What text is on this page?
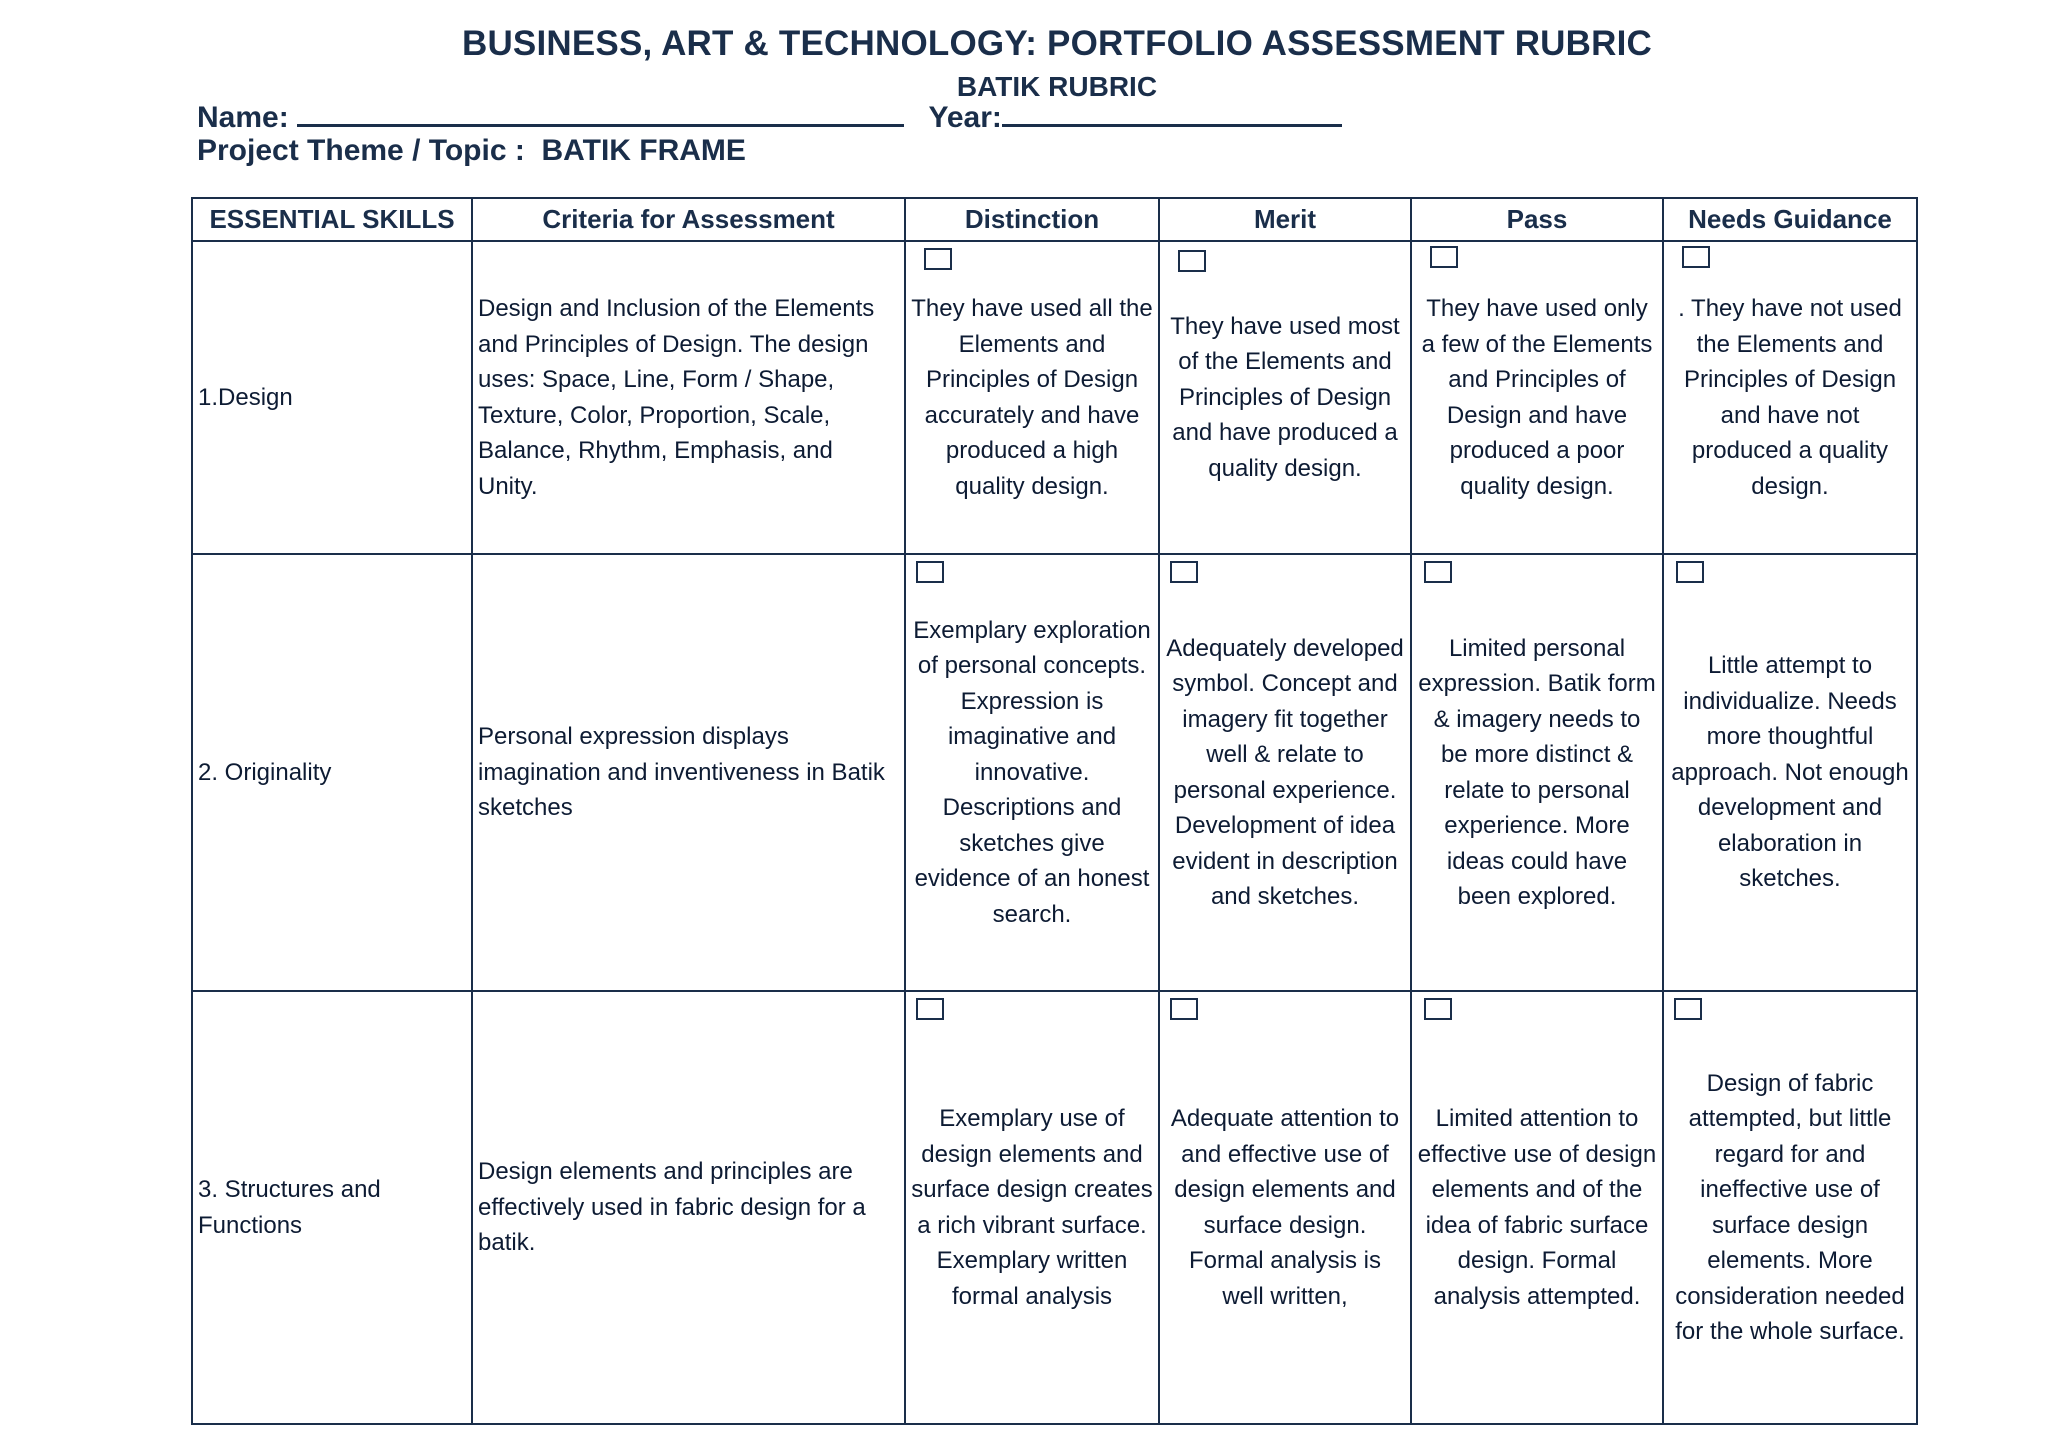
BUSINESS, ART & TECHNOLOGY: PORTFOLIO ASSESSMENT RUBRIC
BATIK RUBRIC
Name:	Year:
Project Theme / Topic : BATIK FRAME
ESSENTIAL SKILLS	Criteria for Assessment	Distinction	Merit	Pass	Needs Guidance
1.Design	Design and Inclusion of the Elements and Principles of Design. The design uses: Space, Line, Form / Shape, Texture, Color, Proportion, Scale, Balance, Rhythm, Emphasis, and Unity.	They have used all the Elements and Principles of Design accurately and have produced a high quality design.	They have used most of the Elements and Principles of Design and have produced a quality design.	They have used only a few of the Elements and Principles of Design and have produced a poor quality design.	. They have not used the Elements and Principles of Design and have not produced a quality design.

2. Originality	Personal expression displays imagination and inventiveness in Batik sketches	Exemplary exploration of personal concepts. Expression is imaginative and innovative. Descriptions and sketches give evidence of an honest search.	Adequately developed symbol. Concept and imagery fit together well & relate to personal experience. Development of idea evident in description and sketches.	Limited personal expression. Batik form & imagery needs to be more distinct & relate to personal experience. More ideas could have been explored.	Little attempt to individualize. Needs more thoughtful approach. Not enough development and elaboration in sketches.

3. Structures and Functions	Design elements and principles are effectively used in fabric design for a batik.	Exemplary use of design elements and surface design creates a rich vibrant surface. Exemplary written formal analysis	Adequate attention to and effective use of design elements and surface design. Formal analysis is well written,	Limited attention to effective use of design elements and of the idea of fabric surface design. Formal analysis attempted.	Design of fabric attempted, but little regard for and ineffective use of surface design elements. More consideration needed for the whole surface.
